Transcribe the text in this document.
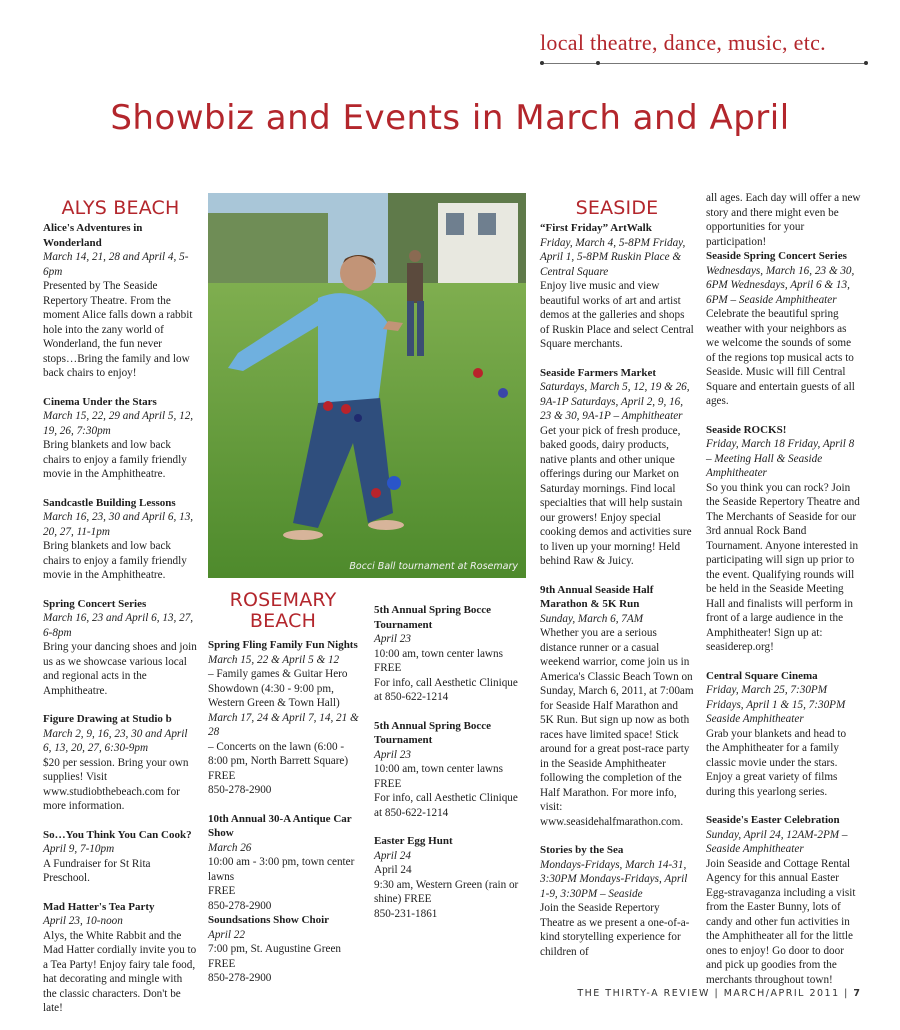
local theatre, dance, music, etc.
Showbiz and Events in March and April
ALYS BEACH

Alice's Adventures in Wonderland

March 14, 21, 28 and April 4, 5-6pm

Presented by The Seaside Repertory Theatre. From the moment Alice falls down a rabbit hole into the zany world of Wonderland, the fun never stops…Bring the family and low back chairs to enjoy!

Cinema Under the Stars

March 15, 22, 29 and April 5, 12, 19, 26, 7:30pm

Bring blankets and low back chairs to enjoy a family friendly movie in the Amphitheatre.

Sandcastle Building Lessons

March 16, 23, 30 and April 6, 13, 20, 27, 11-1pm

Bring blankets and low back chairs to enjoy a family friendly movie in the Amphitheatre.

Spring Concert Series

March 16, 23 and April 6, 13, 27, 6-8pm

Bring your dancing shoes and join us as we showcase various local and regional acts in the Amphitheatre.

Figure Drawing at Studio b

March 2, 9, 16, 23, 30 and April 6, 13, 20, 27, 6:30-9pm

$20 per session. Bring your own supplies! Visit www.studiobthebeach.com for more information.

So…You Think You Can Cook?

April 9, 7-10pm

A Fundraiser for St Rita Preschool.

Mad Hatter's Tea Party

April 23, 10-noon

Alys, the White Rabbit and the Mad Hatter cordially invite you to a Tea Party! Enjoy fairy tale food, hat decorating and mingle with the classic characters. Don't be late!

Bocci Ball tournament at Rosemary
ROSEMARY BEACH

Spring Fling Family Fun Nights

March 15, 22 & April 5 & 12

– Family games & Guitar Hero Showdown (4:30 - 9:00 pm, Western Green & Town Hall)

March 17, 24 & April 7, 14, 21 & 28

– Concerts on the lawn (6:00 - 8:00 pm, North Barrett Square)

FREE

850-278-2900

10th Annual 30-A Antique Car Show

March 26

10:00 am - 3:00 pm, town center lawns

FREE

850-278-2900

Soundsations Show Choir

April 22

7:00 pm, St. Augustine Green

FREE

850-278-2900

5th Annual Spring Bocce Tournament

April 23

10:00 am, town center lawns

FREE

For info, call Aesthetic Clinique at 850-622-1214

5th Annual Spring Bocce Tournament

April 23

10:00 am, town center lawns

FREE

For info, call Aesthetic Clinique at 850-622-1214

Easter Egg Hunt

April 24

April 24

9:30 am, Western Green (rain or shine) FREE

850-231-1861

SEASIDE

“First Friday” ArtWalk

Friday, March 4, 5-8PM Friday, April 1, 5-8PM Ruskin Place & Central Square

Enjoy live music and view beautiful works of art and artist demos at the galleries and shops of Ruskin Place and select Central Square merchants.

Seaside Farmers Market

Saturdays, March 5, 12, 19 & 26, 9A-1P Saturdays, April 2, 9, 16, 23 & 30, 9A-1P – Amphitheater

Get your pick of fresh produce, baked goods, dairy products, native plants and other unique offerings during our Market on Saturday mornings. Find local specialties that will help sustain our growers! Enjoy special cooking demos and activities sure to liven up your morning! Held behind Raw & Juicy.

9th Annual Seaside Half Marathon & 5K Run

Sunday, March 6, 7AM

Whether you are a serious distance runner or a casual weekend warrior, come join us in America's Classic Beach Town on Sunday, March 6, 2011, at 7:00am for Seaside Half Marathon and 5K Run. But sign up now as both races have limited space! Stick around for a great post-race party in the Seaside Amphitheater following the completion of the Half Marathon. For more info, visit: www.seasidehalfmarathon.com.

Stories by the Sea

Mondays-Fridays, March 14-31, 3:30PM Mondays-Fridays, April 1-9, 3:30PM – Seaside

Join the Seaside Repertory Theatre as we present a one-of-a-kind storytelling experience for children of

all ages. Each day will offer a new story and there might even be opportunities for your participation!

Seaside Spring Concert Series

Wednesdays, March 16, 23 & 30, 6PM Wednesdays, April 6 & 13, 6PM – Seaside Amphitheater

Celebrate the beautiful spring weather with your neighbors as we welcome the sounds of some of the regions top musical acts to Seaside. Music will fill Central Square and entertain guests of all ages.

Seaside ROCKS!

Friday, March 18 Friday, April 8 – Meeting Hall & Seaside Amphitheater

So you think you can rock? Join the Seaside Repertory Theatre and The Merchants of Seaside for our 3rd annual Rock Band Tournament. Anyone interested in participating will sign up prior to the event. Qualifying rounds will be held in the Seaside Meeting Hall and finalists will perform in front of a large audience in the Amphitheater! Sign up at: seasiderep.org!

Central Square Cinema

Friday, March 25, 7:30PM Fridays, April 1 & 15, 7:30PM Seaside Amphitheater

Grab your blankets and head to the Amphitheater for a family classic movie under the stars. Enjoy a great variety of films during this yearlong series.

Seaside's Easter Celebration

Sunday, April 24, 12AM-2PM – Seaside Amphitheater

Join Seaside and Cottage Rental Agency for this annual Easter Egg-stravaganza including a visit from the Easter Bunny, lots of candy and other fun activities in the Amphitheater all for the little ones to enjoy! Go door to door and pick up goodies from the merchants throughout town!

THE THIRTY-A REVIEW | MARCH/APRIL 2011 | 7
